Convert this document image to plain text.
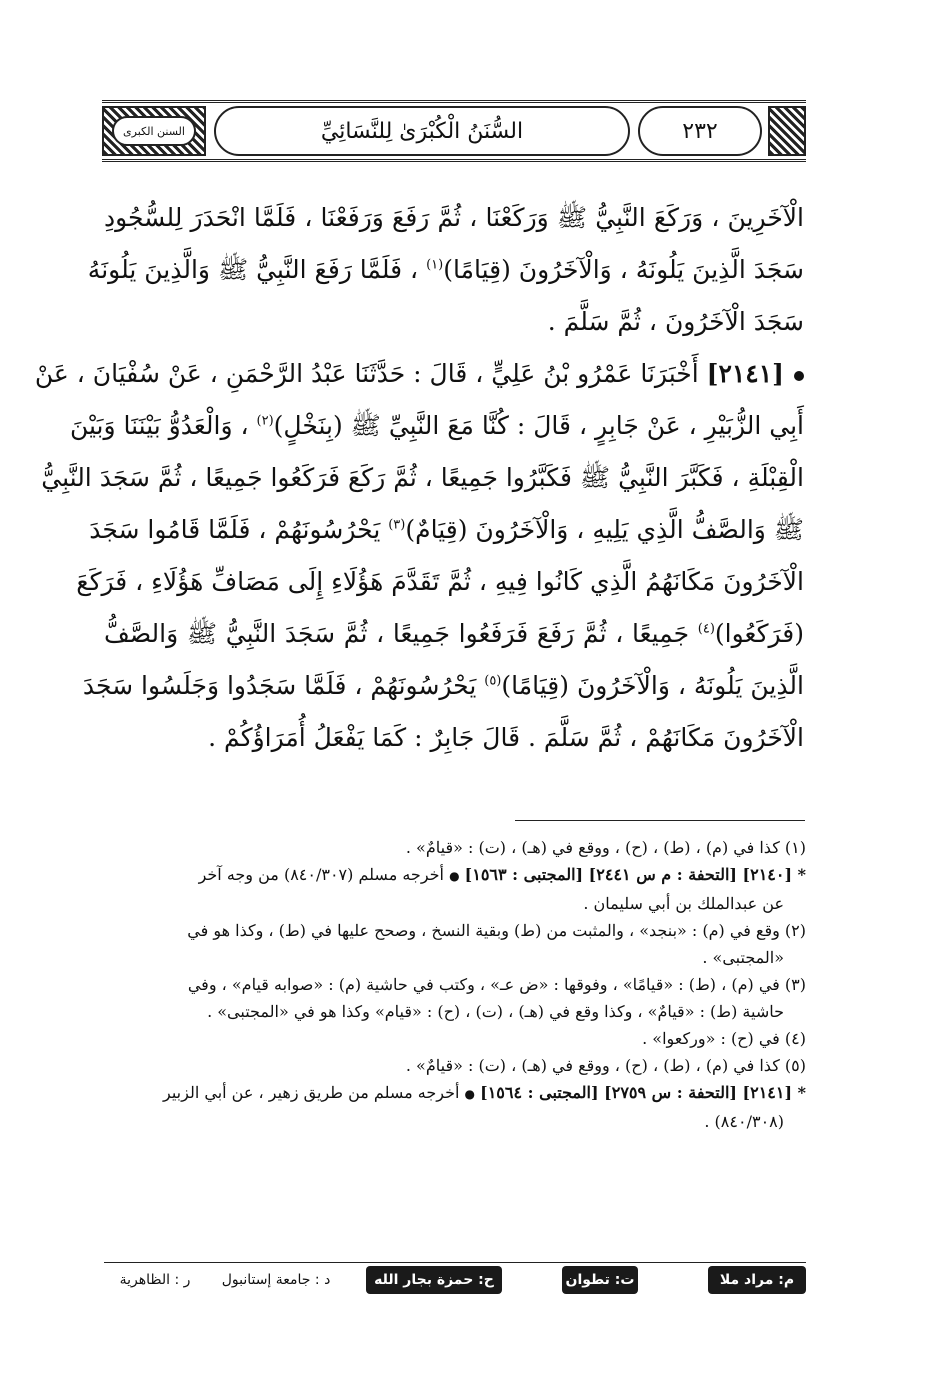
السنن الكبرى	السُّنَنُ الْكُبْرَىٰ لِلنَّسَائِيِّ	٢٣٢
الْآخَرِينَ ، وَرَكَعَ النَّبِيُّ ﷺ وَرَكَعْنَا ، ثُمَّ رَفَعَ وَرَفَعْنَا ، فَلَمَّا انْحَدَرَ لِلسُّجُودِ
سَجَدَ الَّذِينَ يَلُونَهُ ، وَالْآخَرُونَ (قِيَامًا)$^{(١)}$ ، فَلَمَّا رَفَعَ النَّبِيُّ ﷺ وَالَّذِينَ يَلُونَهُ
سَجَدَ الْآخَرُونَ ، ثُمَّ سَلَّمَ .
[٢١٤١] أَخْبَرَنَا عَمْرُو بْنُ عَلِيٍّ ، قَالَ : حَدَّثَنَا عَبْدُ الرَّحْمَنِ ، عَنْ سُفْيَانَ ، عَنْ
أَبِي الزُّبَيْرِ ، عَنْ جَابِرٍ ، قَالَ : كُنَّا مَعَ النَّبِيِّ ﷺ (بِنَخْلٍ)$^{(٢)}$ ، وَالْعَدُوُّ بَيْنَنَا وَبَيْنَ
الْقِبْلَةِ ، فَكَبَّرَ النَّبِيُّ ﷺ فَكَبَّرُوا جَمِيعًا ، ثُمَّ رَكَعَ فَرَكَعُوا جَمِيعًا ، ثُمَّ سَجَدَ النَّبِيُّ
ﷺ وَالصَّفُّ الَّذِي يَلِيهِ ، وَالْآخَرُونَ (قِيَامٌ)$^{(٣)}$ يَحْرُسُونَهُمْ ، فَلَمَّا قَامُوا سَجَدَ
الْآخَرُونَ مَكَانَهُمُ الَّذِي كَانُوا فِيهِ ، ثُمَّ تَقَدَّمَ هَؤُلَاءِ إِلَى مَصَافِّ هَؤُلَاءِ ، فَرَكَعَ
(فَرَكَعُوا)$^{(٤)}$ جَمِيعًا ، ثُمَّ رَفَعَ فَرَفَعُوا جَمِيعًا ، ثُمَّ سَجَدَ النَّبِيُّ ﷺ وَالصَّفُّ
الَّذِينَ يَلُونَهُ ، وَالْآخَرُونَ (قِيَامًا)$^{(٥)}$ يَحْرُسُونَهُمْ ، فَلَمَّا سَجَدُوا وَجَلَسُوا سَجَدَ
الْآخَرُونَ مَكَانَهُمْ ، ثُمَّ سَلَّمَ . قَالَ جَابِرٌ : كَمَا يَفْعَلُ أُمَرَاؤُكُمْ .
(١) كذا في (م) ، (ط) ، (ح) ، ووقع في (هـ) ، (ت) : «قيامٌ» .
* [٢١٤٠] [التحفة : م س ٢٤٤١] [المجتبى : ١٥٦٣] ● أخرجه مسلم (٨٤٠/٣٠٧) من وجه آخر
عن عبدالملك بن أبي سليمان .
(٢) وقع في (م) : «بنجد» ، والمثبت من (ط) وبقية النسخ ، وصحح عليها في (ط) ، وكذا هو في
«المجتبى» .
(٣) في (م) ، (ط) : «قيامًا» ، وفوقها : «ض عـ» ، وكتب في حاشية (م) : «صوابه قيام» ، وفي
حاشية (ط) : «قيامٌ» ، وكذا وقع في (هـ) ، (ت) ، (ح) : «قيام» وكذا هو في «المجتبى» .
(٤) في (ح) : «وركعوا» .
(٥) كذا في (م) ، (ط) ، (ح) ، ووقع في (هـ) ، (ت) : «قيامٌ» .
* [٢١٤١] [التحفة : س ٢٧٥٩] [المجتبى : ١٥٦٤] ● أخرجه مسلم من طريق زهير ، عن أبي الزبير
(٨٤٠/٣٠٨) .
م: مراد ملا
ت: تطوان
ح: حمزة بجار الله
د : جامعة إستانبول
ر : الظاهرية
